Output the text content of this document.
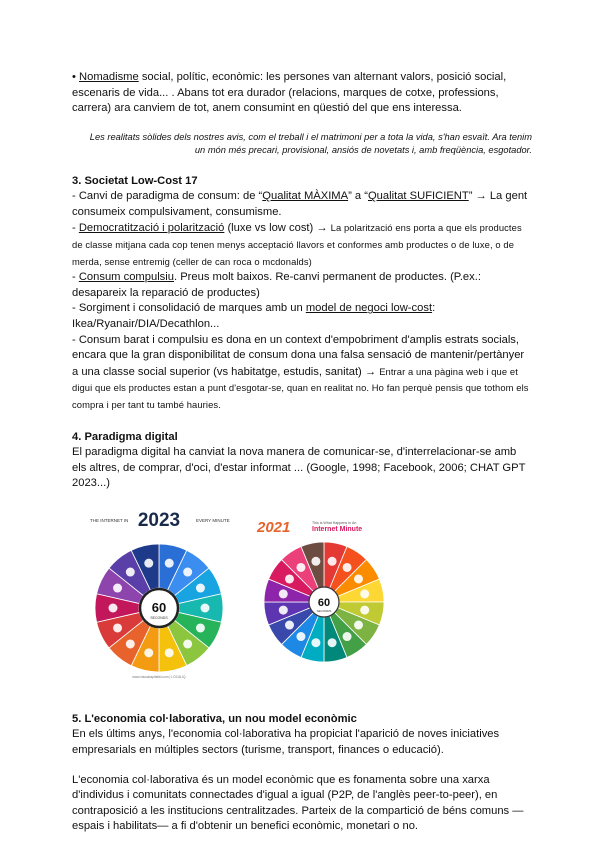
• Nomadisme social, polític, econòmic: les persones van alternant valors, posició social, escenaris de vida... . Abans tot era durador (relacions, marques de cotxe, professions, carrera) ara canviem de tot, anem consumint en qüestió del que ens interessa.

Les realitats sòlides dels nostres avis, com el treball i el matrimoni per a tota la vida, s'han esvaït. Ara tenim un món més precari, provisional, ansiós de novetats i, amb freqüència, esgotador.

3. Societat Low-Cost 17

- Canvi de paradigma de consum: de “Qualitat MÀXIMA” a “Qualitat SUFICIENT” → La gent consumeix compulsivament, consumisme.

- Democratització i polarització (luxe vs low cost) → La polarització ens porta a que els productes de classe mitjana cada cop tenen menys acceptació llavors et conformes amb productes o de luxe, o de merda, sense entremig (celler de can roca o mcdonalds)

- Consum compulsiu. Preus molt baixos. Re-canvi permanent de productes. (P.ex.: desapareix la reparació de productes)

- Sorgiment i consolidació de marques amb un model de negoci low-cost: Ikea/Ryanair/DIA/Decathlon...

- Consum barat i compulsiu es dona en un context d'empobriment d'amplis estrats socials, encara que la gran disponibilitat de consum dona una falsa sensació de mantenir/pertànyer a una classe social superior (vs habitatge, estudis, sanitat) → Entrar a una pàgina web i que et digui que els productes estan a punt d'esgotar-se, quan en realitat no. Ho fan perquè pensis que tothom els compra i per tant tu també hauries.

4. Paradigma digital

El paradigma digital ha canviat la nova manera de comunicar-se, d'interrelacionar-se amb els altres, de comprar, d'oci, d'estar informat ... (Google, 1998; Facebook, 2006; CHAT GPT 2023...)

THE INTERNET IN 2023	EVERY MINUTE
60
SECONDS
www.visualcapitalist.com | LOCALIQ
2021	This is What Happens In An
Internet Minute
60
SECONDS
5. L'economia col·laborativa, un nou model econòmic

En els últims anys, l'economia col·laborativa ha propiciat l'aparició de noves iniciatives empresarials en múltiples sectors (turisme, transport, finances o educació).

L'economia col·laborativa és un model econòmic que es fonamenta sobre una xarxa d'individus i comunitats connectades d'igual a igual (P2P, de l'anglès peer-to-peer), en contraposició a les institucions centralitzades. Parteix de la compartició de béns comuns —espais i habilitats— a fi d'obtenir un benefici econòmic, monetari o no.
